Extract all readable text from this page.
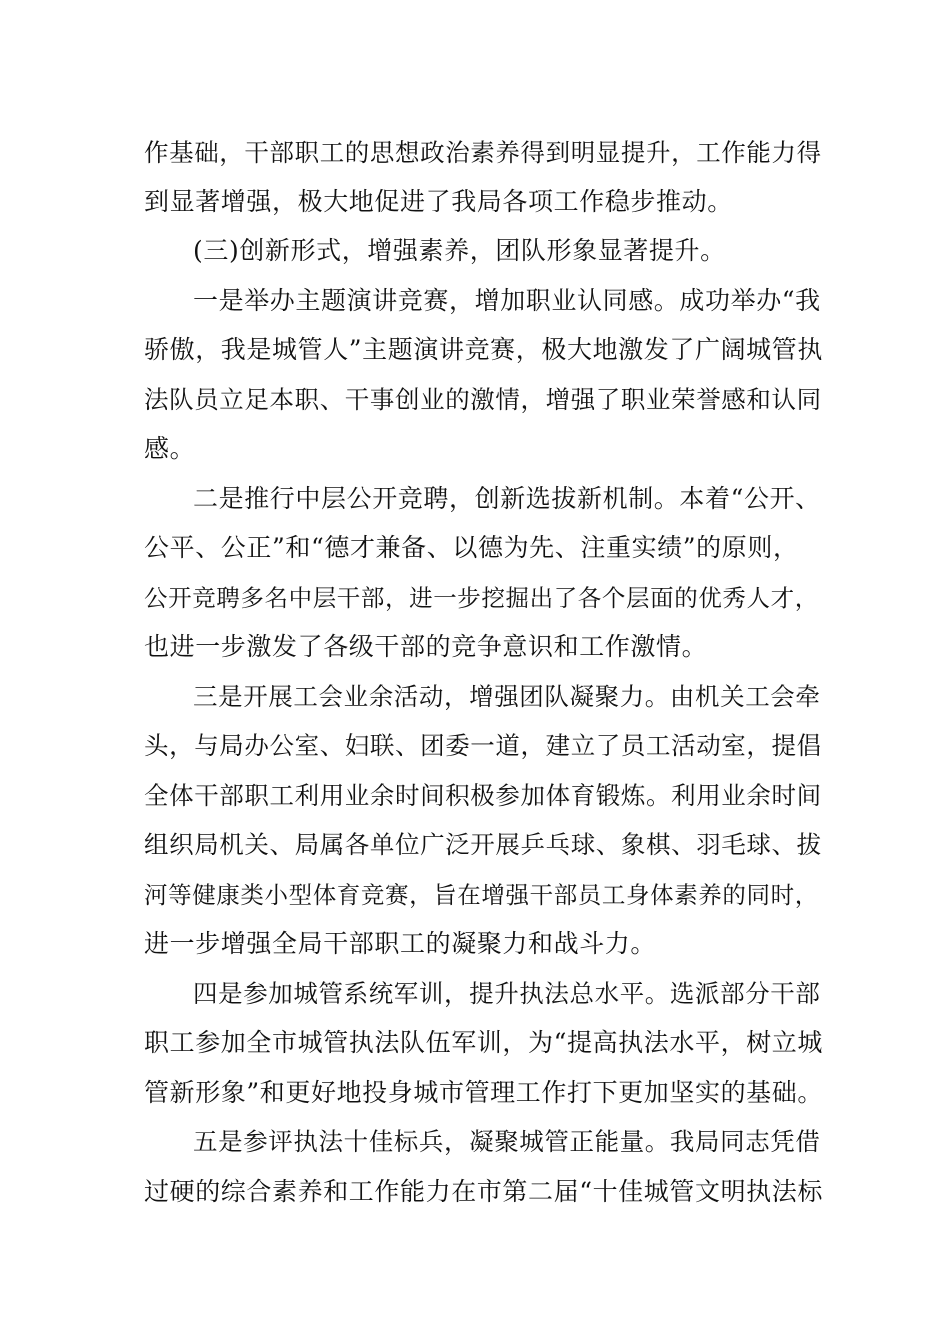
作基础，干部职工的思想政治素养得到明显提升，工作能力得
到显著增强，极大地促进了我局各项工作稳步推动。
(三)创新形式，增强素养，团队形象显著提升。
一是举办主题演讲竞赛，增加职业认同感。成功举办“我
骄傲，我是城管人”主题演讲竞赛，极大地激发了广阔城管执
法队员立足本职、干事创业的激情，增强了职业荣誉感和认同
感。
二是推行中层公开竞聘，创新选拔新机制。本着“公开、
公平、公正”和“德才兼备、以德为先、注重实绩”的原则，
公开竞聘多名中层干部，进一步挖掘出了各个层面的优秀人才，
也进一步激发了各级干部的竞争意识和工作激情。
三是开展工会业余活动，增强团队凝聚力。由机关工会牵
头，与局办公室、妇联、团委一道，建立了员工活动室，提倡
全体干部职工利用业余时间积极参加体育锻炼。利用业余时间
组织局机关、局属各单位广泛开展乒乓球、象棋、羽毛球、拔
河等健康类小型体育竞赛，旨在增强干部员工身体素养的同时，
进一步增强全局干部职工的凝聚力和战斗力。
四是参加城管系统军训，提升执法总水平。选派部分干部
职工参加全市城管执法队伍军训，为“提高执法水平，树立城
管新形象”和更好地投身城市管理工作打下更加坚实的基础。
五是参评执法十佳标兵，凝聚城管正能量。我局同志凭借
过硬的综合素养和工作能力在市第二届“十佳城管文明执法标
